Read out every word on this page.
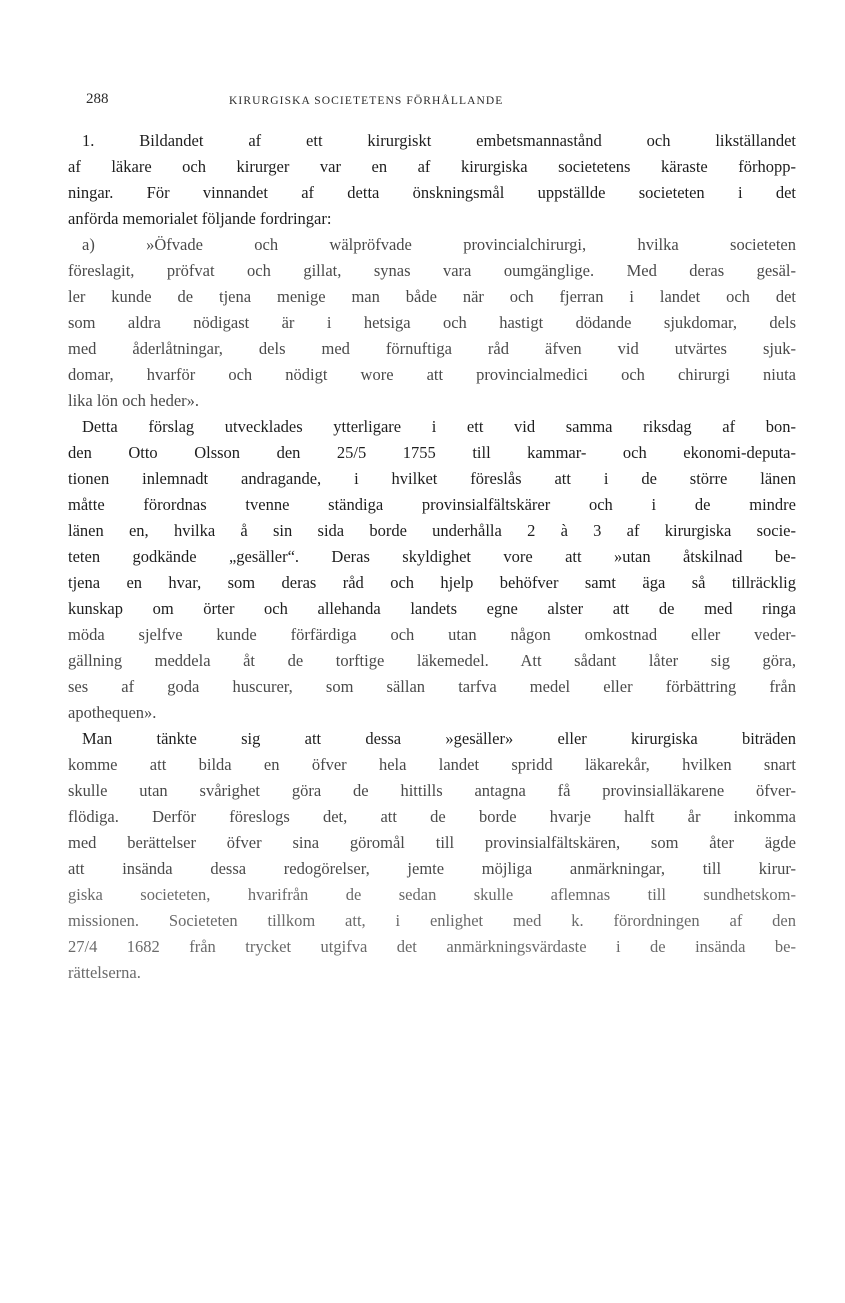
288	KIRURGISKA SOCIETETENS FÖRHÅLLANDE
1. Bildandet af ett kirurgiskt embetsmannastånd och likställandet
af läkare och kirurger var en af kirurgiska societetens käraste förhopp-
ningar. För vinnandet af detta önskningsmål uppställde societeten i det
anförda memorialet följande fordringar:
a) »Öfvade och wälpröfvade provincialchirurgi, hvilka societeten
föreslagit, pröfvat och gillat, synas vara oumgänglige. Med deras gesäl-
ler kunde de tjena menige man både när och fjerran i landet och det
som aldra nödigast är i hetsiga och hastigt dödande sjukdomar, dels
med åderlåtningar, dels med förnuftiga råd äfven vid utvärtes sjuk-
domar, hvarför och nödigt wore att provincialmedici och chirurgi niuta
lika lön och heder».
Detta förslag utvecklades ytterligare i ett vid samma riksdag af bon-
den Otto Olsson den 25/5 1755 till kammar- och ekonomi-deputa-
tionen inlemnadt andragande, i hvilket föreslås att i de större länen
måtte förordnas tvenne ständiga provinsialfältskärer och i de mindre
länen en, hvilka å sin sida borde underhålla 2 à 3 af kirurgiska socie-
teten godkände „gesäller“. Deras skyldighet vore att »utan åtskilnad be-
tjena en hvar, som deras råd och hjelp behöfver samt äga så tillräcklig
kunskap om örter och allehanda landets egne alster att de med ringa
möda sjelfve kunde förfärdiga och utan någon omkostnad eller veder-
gällning meddela åt de torftige läkemedel. Att sådant låter sig göra,
ses af goda huscurer, som sällan tarfva medel eller förbättring från
apothequen».
Man tänkte sig att dessa »gesäller» eller kirurgiska biträden
komme att bilda en öfver hela landet spridd läkarekår, hvilken snart
skulle utan svårighet göra de hittills antagna få provinsialläkarene öfver-
flödiga. Derför föreslogs det, att de borde hvarje halft år inkomma
med berättelser öfver sina göromål till provinsialfältskären, som åter ägde
att insända dessa redogörelser, jemte möjliga anmärkningar, till kirur-
giska societeten, hvarifrån de sedan skulle aflemnas till sundhetskom-
missionen. Societeten tillkom att, i enlighet med k. förordningen af den
27/4 1682 från trycket utgifva det anmärkningsvärdaste i de insända be-
rättelserna.
